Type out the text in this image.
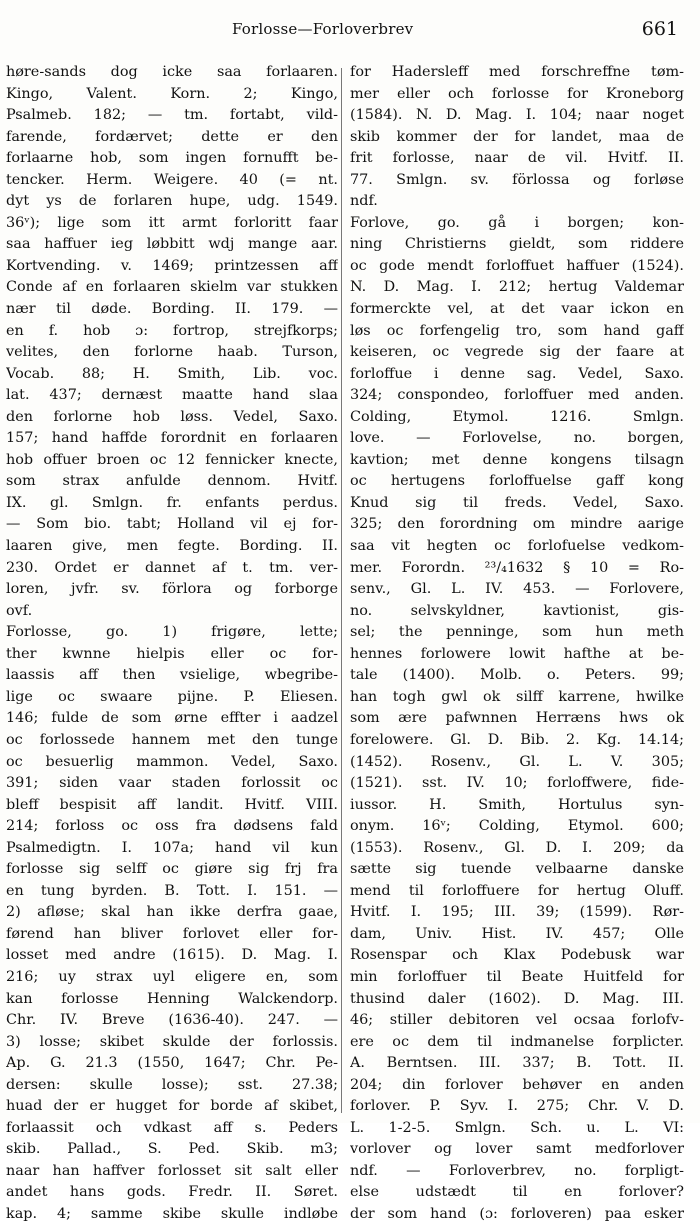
Forlosse—Forloverbrev	661
høre-sands dog icke saa forlaaren.
Kingo, Valent. Korn. 2; Kingo,
Psalmeb. 182; — tm. fortabt, vild-
farende, fordærvet; dette er den
forlaarne hob, som ingen fornufft be-
tencker. Herm. Weigere. 40 (= nt.
dyt ys de forlaren hupe, udg. 1549.
36ᵛ); lige som itt armt forloritt faar
saa haffuer ieg løbbitt wdj mange aar.
Kortvending. v. 1469; printzessen aff
Conde af en forlaaren skielm var stukken
nær til døde. Bording. II. 179. —
en f. hob ɔ: fortrop, strejfkorps;
velites, den forlorne haab. Turson,
Vocab. 88; H. Smith, Lib. voc.
lat. 437; dernæst maatte hand slaa
den forlorne hob løss. Vedel, Saxo.
157; hand haffde forordnit en forlaaren
hob offuer broen oc 12 fennicker knecte,
som strax anfulde dennom. Hvitf.
IX. gl. Smlgn. fr. enfants perdus.
— Som bio. tabt; Holland vil ej for-
laaren give, men fegte. Bording. II.
230. Ordet er dannet af t. tm. ver-
loren, jvfr. sv. förlora og forborge
ovf.
Forlosse, go. 1) frigøre, lette;
ther kwnne hielpis eller oc for-
laassis aff then vsielige, wbegribe-
lige oc swaare pijne. P. Eliesen.
146; fulde de som ørne effter i aadzel
oc forlossede hannem met den tunge
oc besuerlig mammon. Vedel, Saxo.
391; siden vaar staden forlossit oc
bleff bespisit aff landit. Hvitf. VIII.
214; forloss oc oss fra dødsens fald
Psalmedigtn. I. 107a; hand vil kun
forlosse sig selff oc giøre sig frj fra
en tung byrden. B. Tott. I. 151. —
2) afløse; skal han ikke derfra gaae,
førend han bliver forlovet eller for-
losset med andre (1615). D. Mag. I.
216; uy strax uyl eligere en, som
kan forlosse Henning Walckendorp.
Chr. IV. Breve (1636-40). 247. —
3) losse; skibet skulde der forlossis.
Ap. G. 21.3 (1550, 1647; Chr. Pe-
dersen: skulle losse); sst. 27.38;
huad der er hugget for borde af skibet,
forlaassit och vdkast aff s. Peders
skib. Pallad., S. Ped. Skib. m3;
naar han haffver forlosset sit salt eller
andet hans gods. Fredr. II. Søret.
kap. 4; samme skibe skulle indløbe
for Hadersleff med forschreffne tøm-
mer eller och forlosse for Kroneborg
(1584). N. D. Mag. I. 104; naar noget
skib kommer der for landet, maa de
frit forlosse, naar de vil. Hvitf. II.
77. Smlgn. sv. förlossa og forløse
ndf.
Forlove, go. gå i borgen; kon-
ning Christierns gieldt, som riddere
oc gode mendt forloffuet haffuer (1524).
N. D. Mag. I. 212; hertug Valdemar
formerckte vel, at det vaar ickon en
løs oc forfengelig tro, som hand gaff
keiseren, oc vegrede sig der faare at
forloffue i denne sag. Vedel, Saxo.
324; conspondeo, forloffuer med anden.
Colding, Etymol. 1216. Smlgn.
love. — Forlovelse, no. borgen,
kavtion; met denne kongens tilsagn
oc hertugens forloffuelse gaff kong
Knud sig til freds. Vedel, Saxo.
325; den forordning om mindre aarige
saa vit hegten oc forlofuelse vedkom-
mer. Forordn. ²³/₄1632 § 10 = Ro-
senv., Gl. L. IV. 453. — Forlovere,
no. selvskyldner, kavtionist, gis-
sel; the penninge, som hun meth
hennes forlowere lowit hafthe at be-
tale (1400). Molb. o. Peters. 99;
han togh gwl ok silff karrene, hwilke
som ære pafwnnen Herræns hws ok
forelowere. Gl. D. Bib. 2. Kg. 14.14;
(1452). Rosenv., Gl. L. V. 305;
(1521). sst. IV. 10; forloffwere, fide-
iussor. H. Smith, Hortulus syn-
onym. 16ᵛ; Colding, Etymol. 600;
(1553). Rosenv., Gl. D. I. 209; da
sætte sig tuende velbaarne danske
mend til forloffuere for hertug Oluff.
Hvitf. I. 195; III. 39; (1599). Rør-
dam, Univ. Hist. IV. 457; Olle
Rosenspar och Klax Podebusk war
min forloffuer til Beate Huitfeld for
thusind daler (1602). D. Mag. III.
46; stiller debitoren vel ocsaa forlofv-
ere oc dem til indmanelse forplicter.
A. Berntsen. III. 337; B. Tott. II.
204; din forlover behøver en anden
forlover. P. Syv. I. 275; Chr. V. D.
L. 1-2-5. Smlgn. Sch. u. L. VI:
vorlover og lover samt medforlover
ndf. — Forloverbrev, no. forpligt-
else udstædt til en forlover?
der som hand (ɔ: forloveren) paa esker
